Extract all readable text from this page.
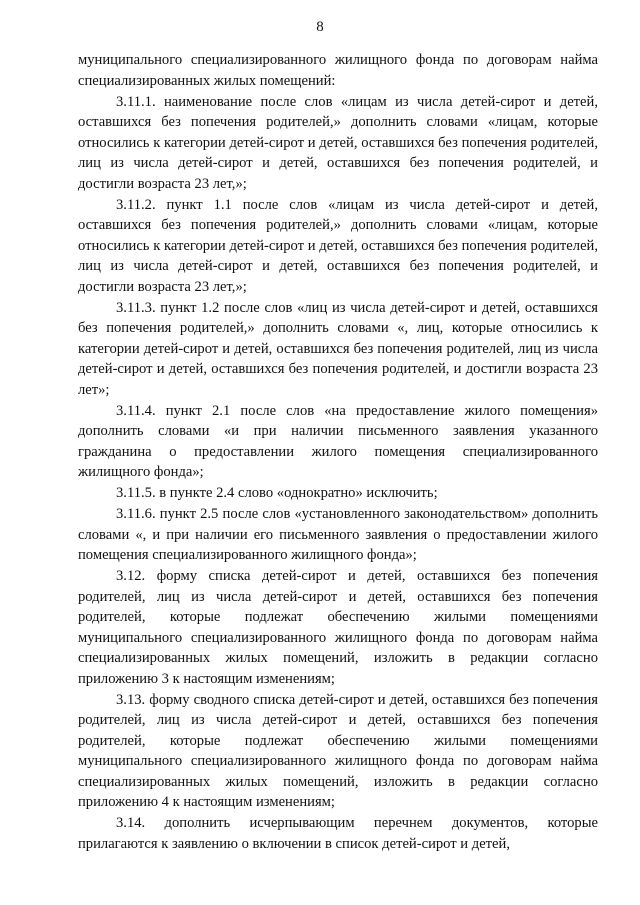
8

муниципального специализированного жилищного фонда по договорам найма специализированных жилых помещений:

3.11.1. наименование после слов «лицам из числа детей-сирот и детей, оставшихся без попечения родителей,» дополнить словами «лицам, которые относились к категории детей-сирот и детей, оставшихся без попечения родителей, лиц из числа детей-сирот и детей, оставшихся без попечения родителей, и достигли возраста 23 лет,»;

3.11.2. пункт 1.1 после слов «лицам из числа детей-сирот и детей, оставшихся без попечения родителей,» дополнить словами «лицам, которые относились к категории детей-сирот и детей, оставшихся без попечения родителей, лиц из числа детей-сирот и детей, оставшихся без попечения родителей, и достигли возраста 23 лет,»;

3.11.3. пункт 1.2 после слов «лиц из числа детей-сирот и детей, оставшихся без попечения родителей,» дополнить словами «, лиц, которые относились к категории детей-сирот и детей, оставшихся без попечения родителей, лиц из числа детей-сирот и детей, оставшихся без попечения родителей, и достигли возраста 23 лет»;

3.11.4. пункт 2.1 после слов «на предоставление жилого помещения» дополнить словами «и при наличии письменного заявления указанного гражданина о предоставлении жилого помещения специализированного жилищного фонда»;

3.11.5. в пункте 2.4 слово «однократно» исключить;

3.11.6. пункт 2.5 после слов «установленного законодательством» дополнить словами «, и при наличии его письменного заявления о предоставлении жилого помещения специализированного жилищного фонда»;

3.12. форму списка детей-сирот и детей, оставшихся без попечения родителей, лиц из числа детей-сирот и детей, оставшихся без попечения родителей, которые подлежат обеспечению жилыми помещениями муниципального специализированного жилищного фонда по договорам найма специализированных жилых помещений, изложить в редакции согласно приложению 3 к настоящим изменениям;

3.13. форму сводного списка детей-сирот и детей, оставшихся без попечения родителей, лиц из числа детей-сирот и детей, оставшихся без попечения родителей, которые подлежат обеспечению жилыми помещениями муниципального специализированного жилищного фонда по договорам найма специализированных жилых помещений, изложить в редакции согласно приложению 4 к настоящим изменениям;

3.14. дополнить исчерпывающим перечнем документов, которые прилагаются к заявлению о включении в список детей-сирот и детей,
